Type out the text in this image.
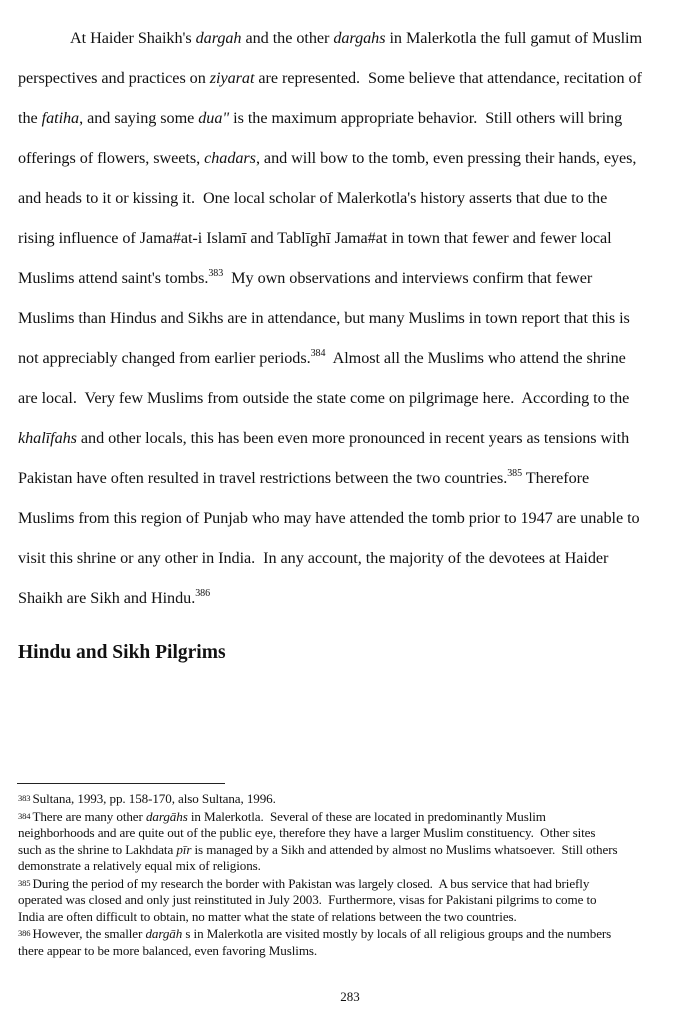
At Haider Shaikh's dargah and the other dargahs in Malerkotla the full gamut of Muslim
perspectives and practices on ziyarat are represented.  Some believe that attendance, recitation of
the fatiha, and saying some dua" is the maximum appropriate behavior.  Still others will bring
offerings of flowers, sweets, chadars, and will bow to the tomb, even pressing their hands, eyes,
and heads to it or kissing it.  One local scholar of Malerkotla's history asserts that due to the
rising influence of Jama#at-i Islamī and Tablīghī Jama#at in town that fewer and fewer local
Muslims attend saint's tombs.$^{383}$  My own observations and interviews confirm that fewer
Muslims than Hindus and Sikhs are in attendance, but many Muslims in town report that this is
not appreciably changed from earlier periods.$^{384}$  Almost all the Muslims who attend the shrine
are local.  Very few Muslims from outside the state come on pilgrimage here.  According to the
khalīfahs and other locals, this has been even more pronounced in recent years as tensions with
Pakistan have often resulted in travel restrictions between the two countries.$^{385}$ Therefore
Muslims from this region of Punjab who may have attended the tomb prior to 1947 are unable to
visit this shrine or any other in India.  In any account, the majority of the devotees at Haider
Shaikh are Sikh and Hindu.$^{386}$
Hindu and Sikh Pilgrims
383 Sultana, 1993, pp. 158-170, also Sultana, 1996.
384 There are many other dargāhs in Malerkotla.  Several of these are located in predominantly Muslim
neighborhoods and are quite out of the public eye, therefore they have a larger Muslim constituency.  Other sites
such as the shrine to Lakhdata pīr is managed by a Sikh and attended by almost no Muslims whatsoever.  Still others
demonstrate a relatively equal mix of religions.
385 During the period of my research the border with Pakistan was largely closed.  A bus service that had briefly
operated was closed and only just reinstituted in July 2003.  Furthermore, visas for Pakistani pilgrims to come to
India are often difficult to obtain, no matter what the state of relations between the two countries.
386 However, the smaller dargāh s in Malerkotla are visited mostly by locals of all religious groups and the numbers
there appear to be more balanced, even favoring Muslims.
283
